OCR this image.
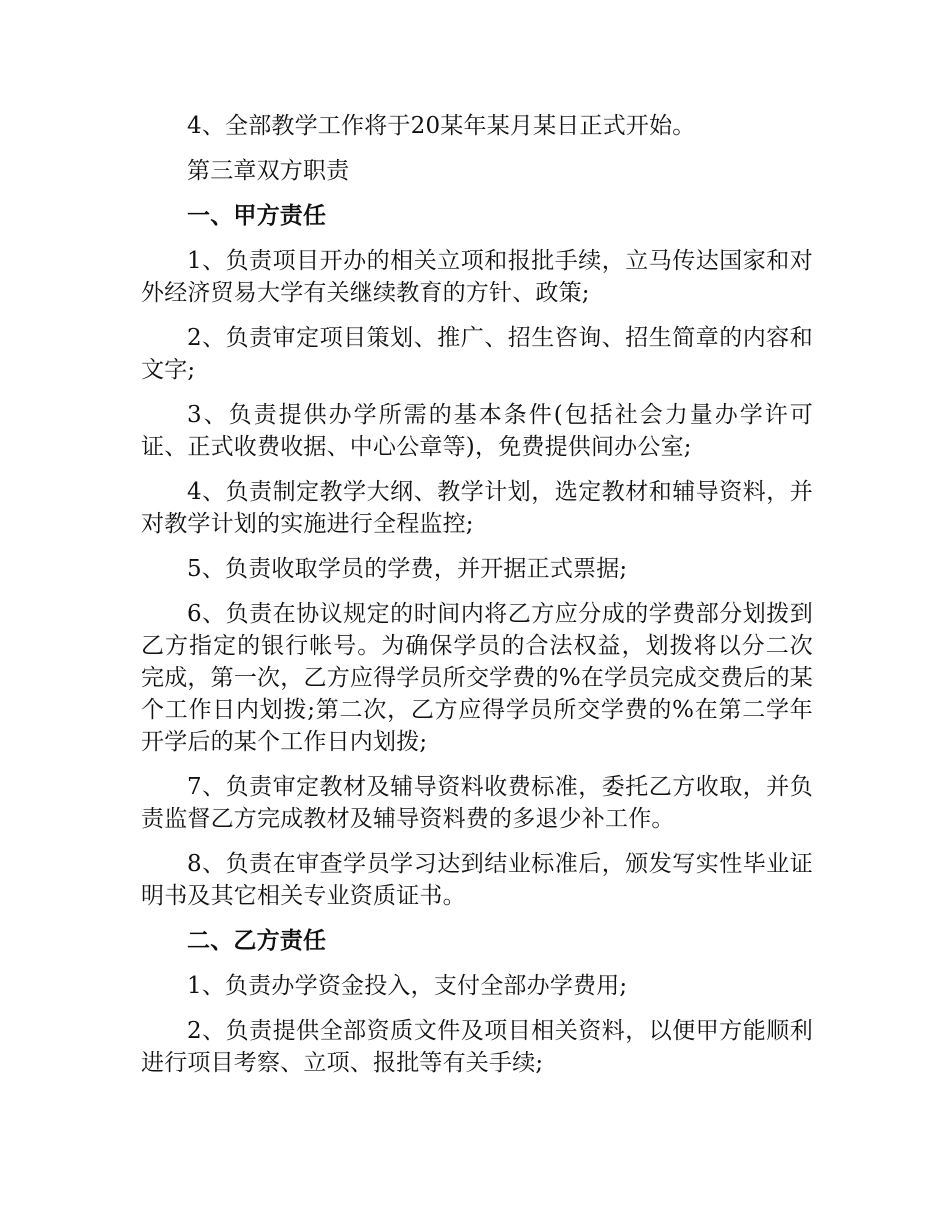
4、全部教学工作将于20某年某月某日正式开始。

第三章双方职责

一、甲方责任

1、负责项目开办的相关立项和报批手续，立马传达国家和对外经济贸易大学有关继续教育的方针、政策;

2、负责审定项目策划、推广、招生咨询、招生简章的内容和文字;

3、负责提供办学所需的基本条件(包括社会力量办学许可证、正式收费收据、中心公章等)，免费提供间办公室;

4、负责制定教学大纲、教学计划，选定教材和辅导资料，并对教学计划的实施进行全程监控;

5、负责收取学员的学费，并开据正式票据;

6、负责在协议规定的时间内将乙方应分成的学费部分划拨到乙方指定的银行帐号。为确保学员的合法权益，划拨将以分二次完成，第一次，乙方应得学员所交学费的%在学员完成交费后的某个工作日内划拨;第二次，乙方应得学员所交学费的%在第二学年开学后的某个工作日内划拨;

7、负责审定教材及辅导资料收费标准，委托乙方收取，并负责监督乙方完成教材及辅导资料费的多退少补工作。

8、负责在审查学员学习达到结业标准后，颁发写实性毕业证明书及其它相关专业资质证书。

二、乙方责任

1、负责办学资金投入，支付全部办学费用;

2、负责提供全部资质文件及项目相关资料，以便甲方能顺利进行项目考察、立项、报批等有关手续;
